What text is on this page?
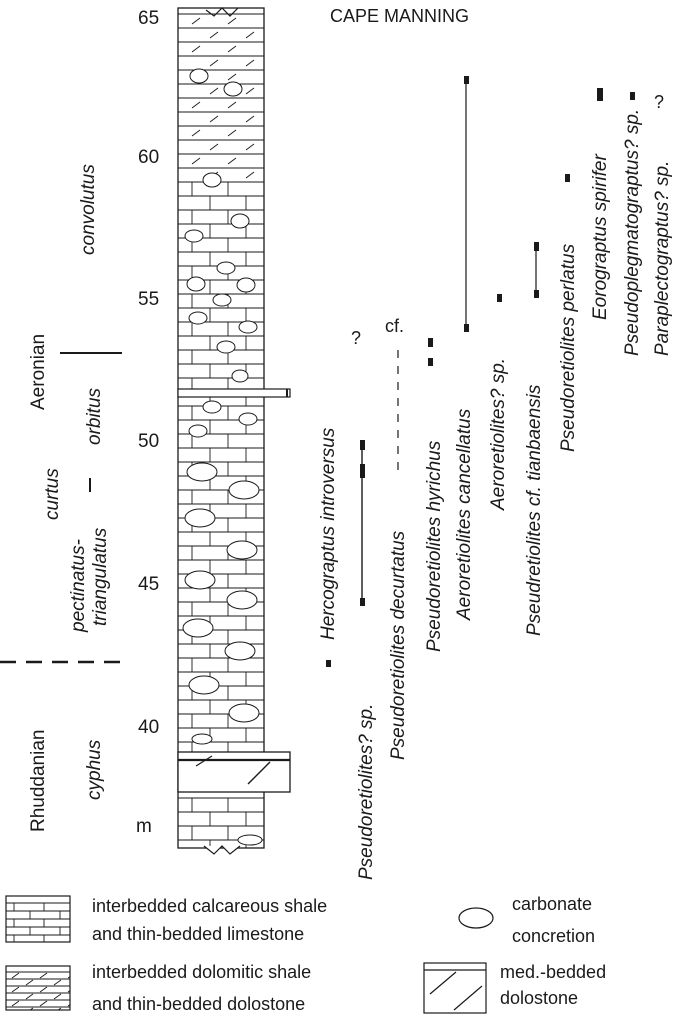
CAPE MANNING
65
60
55
50
45
40
m
Aeronian
Rhuddanian
convolutus
orbitus
curtus
pectinatus- triangulatus
cyphus
?
cf.
?
Pseudoretiolites? sp.
Hercograptus introversus	Pseudoretiolites decurtatus Pseudoretiolites hyrichus Aeroretiolites cancellatus Aeroretiolites? sp. Pseudretiolites cf. tianbaensis
Pseudoretiolites perlatus
Eorograptus spirifer Pseudoplegmatograptus? sp. Paraplectograptus? sp.
interbedded calcareous shale
and thin-bedded limestone
interbedded dolomitic shale
and thin-bedded dolostone
carbonate
concretion
med.-bedded
dolostone
